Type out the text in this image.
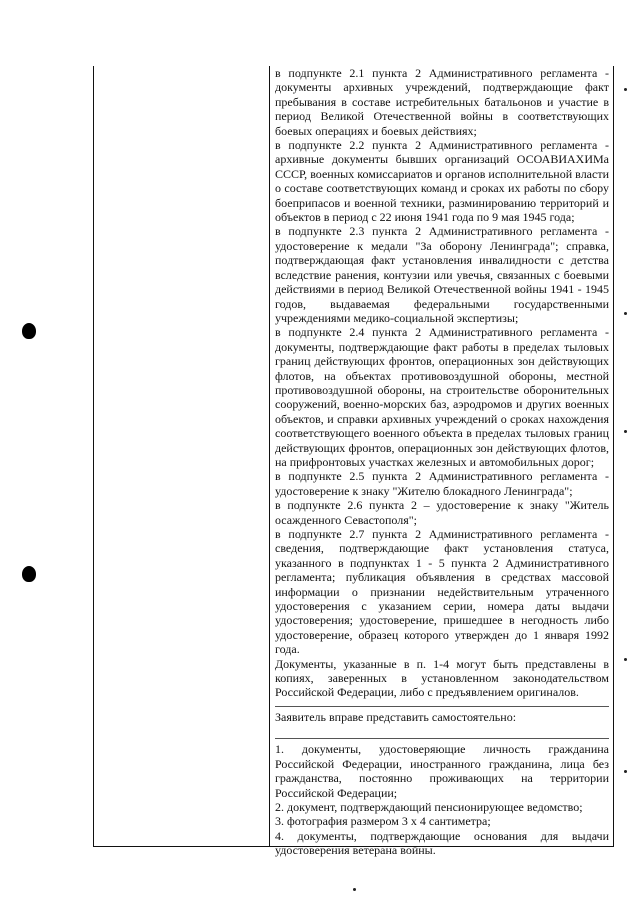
в подпункте 2.1 пункта 2 Административного регламента - документы архивных учреждений, подтверждающие факт пребывания в составе истребительных батальонов и участие в период Великой Отечественной войны в соответствующих боевых операциях и боевых действиях;

в подпункте 2.2 пункта 2 Административного регламента - архивные документы бывших организаций ОСОАВИАХИМа СССР, военных комиссариатов и органов исполнительной власти о составе соответствующих команд и сроках их работы по сбору боеприпасов и военной техники, разминированию территорий и объектов в период с 22 июня 1941 года по 9 мая 1945 года;

в подпункте 2.3 пункта 2 Административного регламента - удостоверение к медали "За оборону Ленинграда"; справка, подтверждающая факт установления инвалидности с детства вследствие ранения, контузии или увечья, связанных с боевыми действиями в период Великой Отечественной войны 1941 - 1945 годов, выдаваемая федеральными государственными учреждениями медико-социальной экспертизы;

в подпункте 2.4 пункта 2 Административного регламента - документы, подтверждающие факт работы в пределах тыловых границ действующих фронтов, операционных зон действующих флотов, на объектах противовоздушной обороны, местной противовоздушной обороны, на строительстве оборонительных сооружений, военно-морских баз, аэродромов и других военных объектов, и справки архивных учреждений о сроках нахождения соответствующего военного объекта в пределах тыловых границ действующих фронтов, операционных зон действующих флотов, на прифронтовых участках железных и автомобильных дорог;

в подпункте 2.5 пункта 2 Административного регламента - удостоверение к знаку "Жителю блокадного Ленинграда";

в подпункте 2.6 пункта 2 – удостоверение к знаку "Житель осажденного Севастополя";

в подпункте 2.7 пункта 2 Административного регламента - сведения, подтверждающие факт установления статуса, указанного в подпунктах 1 - 5 пункта 2 Административного регламента; публикация объявления в средствах массовой информации о признании недействительным утраченного удостоверения с указанием серии, номера даты выдачи удостоверения; удостоверение, пришедшее в негодность либо удостоверение, образец которого утвержден до 1 января 1992 года.

Документы, указанные в п. 1-4 могут быть представлены в копиях, заверенных в установленном законодательством Российской Федерации, либо с предъявлением оригиналов.

Заявитель вправе представить самостоятельно:

1. документы, удостоверяющие личность гражданина Российской Федерации, иностранного гражданина, лица без гражданства, постоянно проживающих на территории Российской Федерации;

2. документ, подтверждающий пенсионирующее ведомство;

3. фотография размером 3 х 4 сантиметра;

4. документы, подтверждающие основания для выдачи удостоверения ветерана войны.
